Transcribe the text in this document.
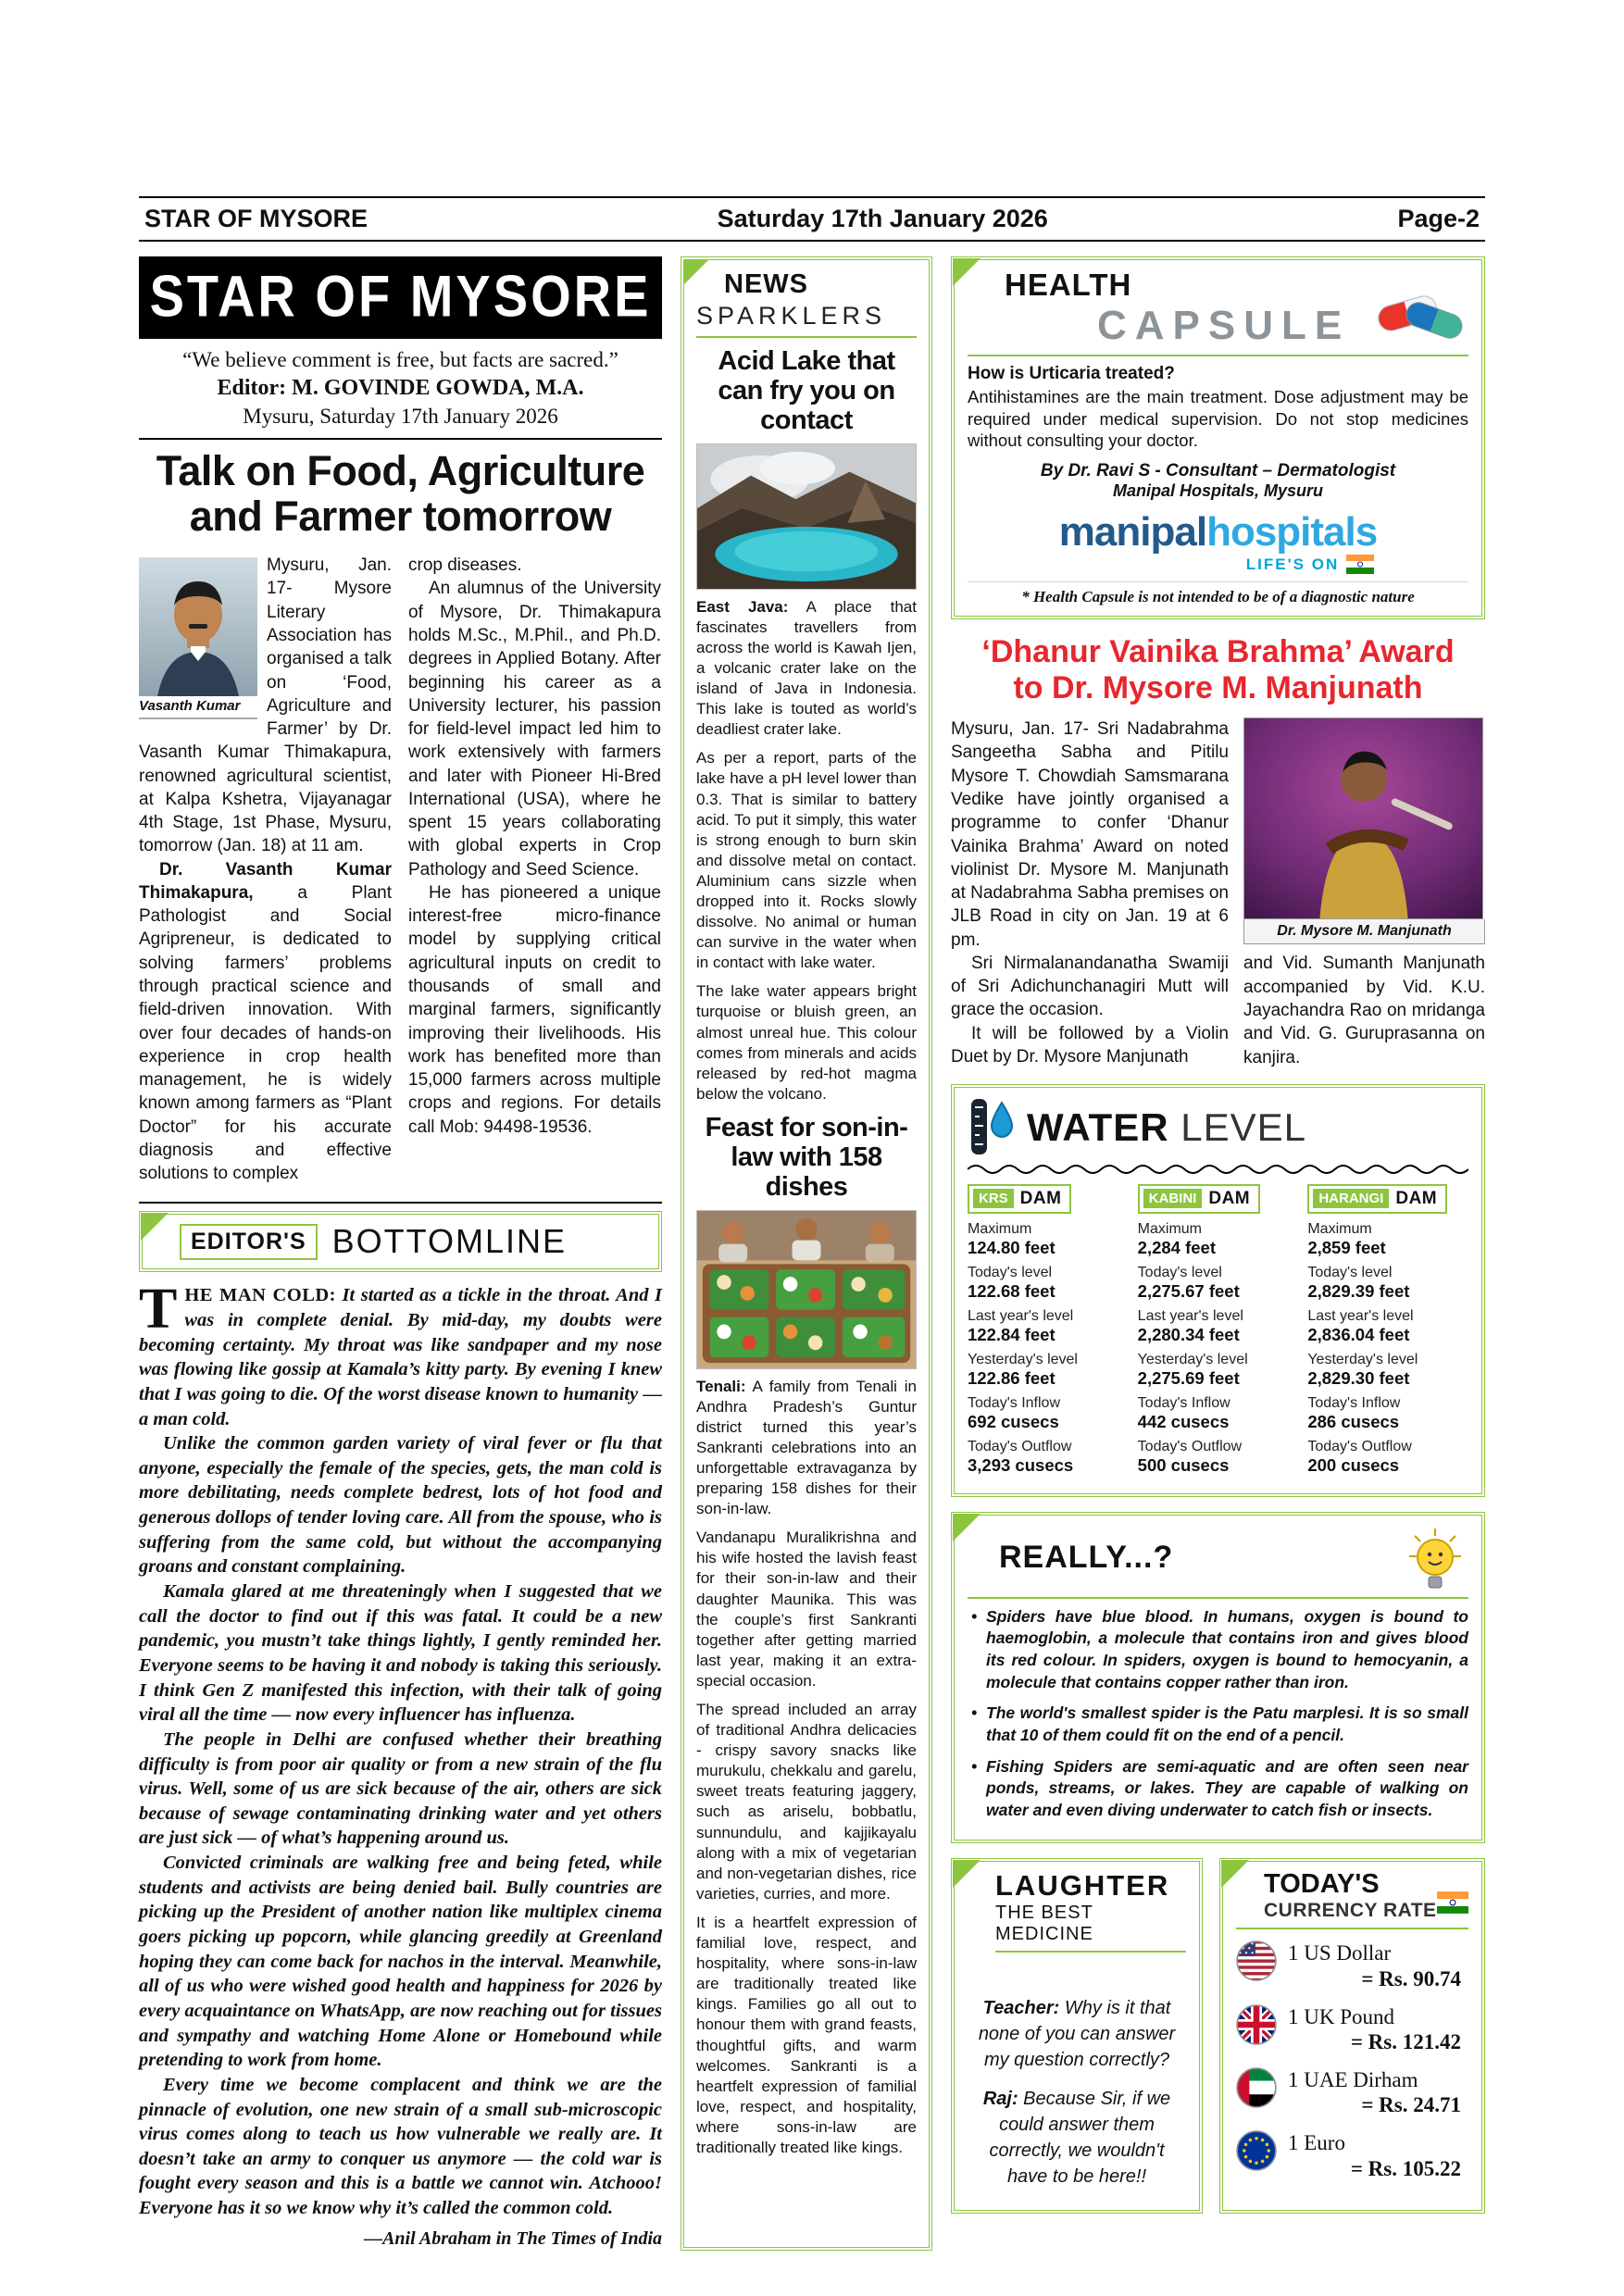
STAR OF MYSORE	Saturday 17th January 2026	Page-2
STAR OF MYSORE
“We believe comment is free, but facts are sacred.”
Editor: M. GOVINDE GOWDA, M.A.
Mysuru, Saturday 17th January 2026
Talk on Food, Agriculture and Farmer tomorrow
Vasanth Kumar

Mysuru, Jan. 17- Mysore Literary Association has organised a talk on ‘Food, Agriculture and Farmer’ by Dr. Vasanth Kumar Thimakapura, renowned agricultural scientist, at Kalpa Kshetra, Vijayanagar 4th Stage, 1st Phase, Mysuru, tomorrow (Jan. 18) at 11 am.

Dr. Vasanth Kumar Thimakapura, a Plant Pathologist and Social Agripreneur, is dedicated to solving farmers’ problems through practical science and field-driven innovation. With over four decades of hands-on experience in crop health management, he is widely known among farmers as “Plant Doctor” for his accurate diagnosis and effective solutions to complex

crop diseases.

An alumnus of the University of Mysore, Dr. Thimakapura holds M.Sc., M.Phil., and Ph.D. degrees in Applied Botany. After beginning his career as a University lecturer, his passion for field-level impact led him to work extensively with farmers and later with Pioneer Hi-Bred International (USA), where he spent 15 years collaborating with global experts in Crop Pathology and Seed Science.

He has pioneered a unique interest-free micro-finance model by supplying critical agricultural inputs on credit to thousands of small and marginal farmers, significantly improving their livelihoods. His work has benefited more than 15,000 farmers across multiple crops and regions. For details call Mob: 94498-19536.

EDITOR'S BOTTOMLINE

THE MAN COLD: It started as a tickle in the throat. And I was in complete denial. By mid-day, my doubts were becoming certainty. My throat was like sandpaper and my nose was flowing like gossip at Kamala’s kitty party. By evening I knew that I was going to die. Of the worst disease known to humanity — a man cold.

Unlike the common garden variety of viral fever or flu that anyone, especially the female of the species, gets, the man cold is more debilitating, needs complete bedrest, lots of hot food and generous dollops of tender loving care. All from the spouse, who is suffering from the same cold, but without the accompanying groans and constant complaining.

Kamala glared at me threateningly when I suggested that we call the doctor to find out if this was fatal. It could be a new pandemic, you mustn’t take things lightly, I gently reminded her. Everyone seems to be having it and nobody is taking this seriously. I think Gen Z manifested this infection, with their talk of going viral all the time — now every influencer has influenza.

The people in Delhi are confused whether their breathing difficulty is from poor air quality or from a new strain of the flu virus. Well, some of us are sick because of the air, others are sick because of sewage contaminating drinking water and yet others are just sick — of what’s happening around us.

Convicted criminals are walking free and being feted, while students and activists are being denied bail. Bully countries are picking up the President of another nation like multiplex cinema goers picking up popcorn, while glancing greedily at Greenland hoping they can come back for nachos in the interval. Meanwhile, all of us who were wished good health and happiness for 2026 by every acquaintance on WhatsApp, are now reaching out for tissues and sympathy and watching Home Alone or Homebound while pretending to work from home.

Every time we become complacent and think we are the pinnacle of evolution, one new strain of a small sub-microscopic virus comes along to teach us how vulnerable we really are. It doesn’t take an army to conquer us anymore — the cold war is fought every season and this is a battle we cannot win. Atchooo! Everyone has it so we know why it’s called the common cold.

—Anil Abraham in The Times of India

NEWS
SPARKLERS
Acid Lake that can fry you on contact

East Java: A place that fascinates travellers from across the world is Kawah Ijen, a volcanic crater lake on the island of Java in Indonesia. This lake is touted as world’s deadliest crater lake.

As per a report, parts of the lake have a pH level lower than 0.3. That is similar to battery acid. To put it simply, this water is strong enough to burn skin and dissolve metal on contact. Aluminium cans sizzle when dropped into it. Rocks slowly dissolve. No animal or human can survive in the water when in contact with lake water.

The lake water appears bright turquoise or bluish green, an almost unreal hue. This colour comes from minerals and acids released by red-hot magma below the volcano.

Feast for son-in-law with 158 dishes

Tenali: A family from Tenali in Andhra Pradesh’s Guntur district turned this year’s Sankranti celebrations into an unforgettable extravaganza by preparing 158 dishes for their son-in-law.

Vandanapu Muralikrishna and his wife hosted the lavish feast for their son-in-law and their daughter Maunika. This was the couple’s first Sankranti together after getting married last year, making it an extra-special occasion.

The spread included an array of traditional Andhra delicacies - crispy savory snacks like murukulu, chekkalu and garelu, sweet treats featuring jaggery, such as ariselu, bobbatlu, sunnundulu, and kajjikayalu along with a mix of vegetarian and non-vegetarian dishes, rice varieties, curries, and more.

It is a heartfelt expression of familial love, respect, and hospitality, where sons-in-law are traditionally treated like kings. Families go all out to honour them with grand feasts, thoughtful gifts, and warm welcomes. Sankranti is a heartfelt expression of familial love, respect, and hospitality, where sons-in-law are traditionally treated like kings.

HEALTH
CAPSULE
How is Urticaria treated?
Antihistamines are the main treatment. Dose adjustment may be required under medical supervision. Do not stop medicines without consulting your doctor.
By Dr. Ravi S - Consultant – Dermatologist
Manipal Hospitals, Mysuru
manipalhospitals
LIFE'S ON
* Health Capsule is not intended to be of a diagnostic nature
‘Dhanur Vainika Brahma’ Award
to Dr. Mysore M. Manjunath

Mysuru, Jan. 17- Sri Nadabrahma Sangeetha Sabha and Pitilu Mysore T. Chowdiah Samsmarana Vedike have jointly organised a programme to confer ‘Dhanur Vainika Brahma’ Award on noted violinist Dr. Mysore M. Manjunath at Nadabrahma Sabha premises on JLB Road in city on Jan. 19 at 6 pm.

Sri Nirmalanandanatha Swamiji of Sri Adichunchanagiri Mutt will grace the occasion.

It will be followed by a Violin Duet by Dr. Mysore Manjunath

Dr. Mysore M. Manjunath

and Vid. Sumanth Manjunath accompanied by Vid. K.U. Jayachandra Rao on mridanga and Vid. G. Guruprasanna on kanjira.

WATER LEVEL
KRS DAM
Maximum
124.80 feet
Today's level
122.68 feet
Last year's level
122.84 feet
Yesterday's level
122.86 feet
Today's Inflow
692 cusecs
Today's Outflow
3,293 cusecs
KABINI DAM
Maximum
2,284 feet
Today's level
2,275.67 feet
Last year's level
2,280.34 feet
Yesterday's level
2,275.69 feet
Today's Inflow
442 cusecs
Today's Outflow
500 cusecs
HARANGI DAM
Maximum
2,859 feet
Today's level
2,829.39 feet
Last year's level
2,836.04 feet
Yesterday's level
2,829.30 feet
Today's Inflow
286 cusecs
Today's Outflow
200 cusecs
REALLY...?
• Spiders have blue blood. In humans, oxygen is bound to haemoglobin, a molecule that contains iron and gives blood its red colour. In spiders, oxygen is bound to hemocyanin, a molecule that contains copper rather than iron.
• The world's smallest spider is the Patu marplesi. It is so small that 10 of them could fit on the end of a pencil.
• Fishing Spiders are semi-aquatic and are often seen near ponds, streams, or lakes. They are capable of walking on water and even diving underwater to catch fish or insects.
LAUGHTER
THE BEST MEDICINE

Teacher: Why is it that none of you can answer my question correctly?

Raj: Because Sir, if we could answer them correctly, we wouldn't have to be here!!

TODAY'S
CURRENCY RATE
1 US Dollar
= Rs. 90.74
1 UK Pound
= Rs. 121.42
1 UAE Dirham
= Rs. 24.71
1 Euro
= Rs. 105.22
